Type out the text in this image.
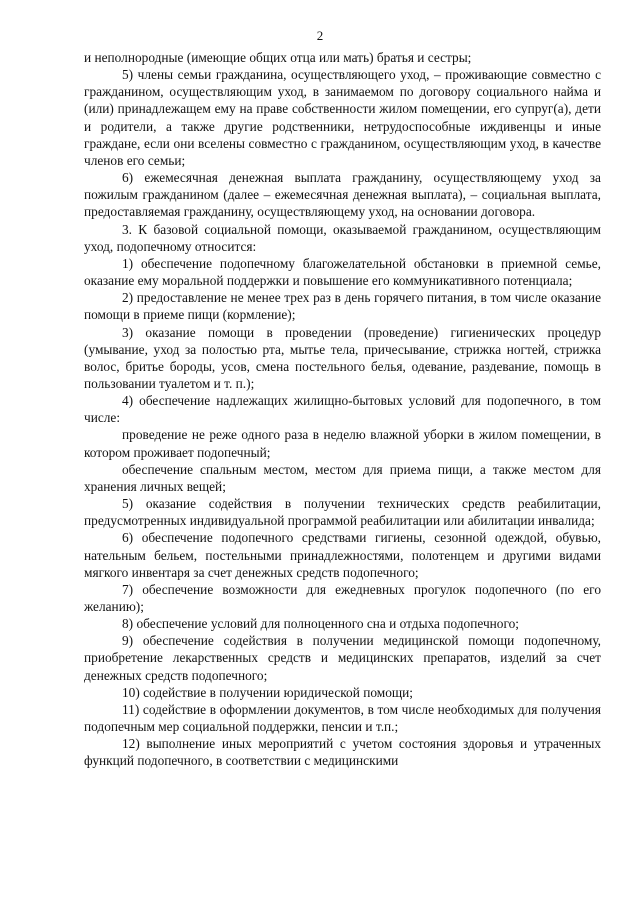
2

и неполнородные (имеющие общих отца или мать) братья и сестры;

5) члены семьи гражданина, осуществляющего уход, – проживающие совместно с гражданином, осуществляющим уход, в занимаемом по договору социального найма и (или) принадлежащем ему на праве собственности жилом помещении, его супруг(а), дети и родители, а также другие родственники, нетрудоспособные иждивенцы и иные граждане, если они вселены совместно с гражданином, осуществляющим уход, в качестве членов его семьи;

6) ежемесячная денежная выплата гражданину, осуществляющему уход за пожилым гражданином (далее – ежемесячная денежная выплата), – социальная выплата, предоставляемая гражданину, осуществляющему уход, на основании договора.

3. К базовой социальной помощи, оказываемой гражданином, осуществляющим уход, подопечному относится:

1) обеспечение подопечному благожелательной обстановки в приемной семье, оказание ему моральной поддержки и повышение его коммуникативного потенциала;

2) предоставление не менее трех раз в день горячего питания, в том числе оказание помощи в приеме пищи (кормление);

3) оказание помощи в проведении (проведение) гигиенических процедур (умывание, уход за полостью рта, мытье тела, причесывание, стрижка ногтей, стрижка волос, бритье бороды, усов, смена постельного белья, одевание, раздевание, помощь в пользовании туалетом и т. п.);

4) обеспечение надлежащих жилищно-бытовых условий для подопечного, в том числе:

проведение не реже одного раза в неделю влажной уборки в жилом помещении, в котором проживает подопечный;

обеспечение спальным местом, местом для приема пищи, а также местом для хранения личных вещей;

5) оказание содействия в получении технических средств реабилитации, предусмотренных индивидуальной программой реабилитации или абилитации инвалида;

6) обеспечение подопечного средствами гигиены, сезонной одеждой, обувью, нательным бельем, постельными принадлежностями, полотенцем и другими видами мягкого инвентаря за счет денежных средств подопечного;

7) обеспечение возможности для ежедневных прогулок подопечного (по его желанию);

8) обеспечение условий для полноценного сна и отдыха подопечного;

9) обеспечение содействия в получении медицинской помощи подопечному, приобретение лекарственных средств и медицинских препаратов, изделий за счет денежных средств подопечного;

10) содействие в получении юридической помощи;

11) содействие в оформлении документов, в том числе необходимых для получения подопечным мер социальной поддержки, пенсии и т.п.;

12) выполнение иных мероприятий с учетом состояния здоровья и утраченных функций подопечного, в соответствии с медицинскими
